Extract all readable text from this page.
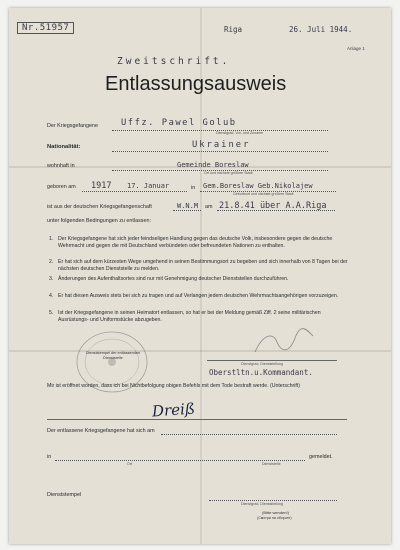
Nr.51957	Riga	26. Juli 1944.
Anlage 1
Zweitschrift.
Entlassungsausweis
Der Kriegsgefangene	Uffz. Pawel Golub
Dienstgrad, Vor- und Zuname
Nationalität:	Ukrainer
wohnhaft in	Gemeinde Boreslaw
Ort und nächste größere Stadt
geboren am 1917 17. Januar	in Gem.Boreslaw Geb.Nikolajew
Geburtsort und nächste größere Stadt
ist aus der deutschen Kriegsgefangenschaft	W.N.M am 21.8.41 über A.A.Riga
unter folgenden Bedingungen zu entlassen:
1. Der Kriegsgefangene hat sich jeder feindseligen Handlung gegen das deutsche Volk, insbesondere gegen die deutsche Wehrmacht und gegen die mit Deutschland verbündeten oder befreundeten Nationen zu enthalten.
2. Er hat sich auf dem kürzesten Wege umgehend in seinen Bestimmungsort zu begeben und sich innerhalb von 8 Tagen bei der nächsten deutschen Dienststelle zu melden.
3. Änderungen des Aufenthaltsortes sind nur mit Genehmigung deutscher Dienststellen durchzuführen.
4. Er hat diesen Ausweis stets bei sich zu tragen und auf Verlangen jedem deutschen Wehrmachtsangehörigen vorzuzeigen.
5. Ist der Kriegsgefangene in seinen Heimatort entlassen, so hat er bei der Meldung gemäß Ziff. 2 seine militärischen Ausrüstungs- und Uniformstücke abzugeben.
Dienststempel der entlassenden Dienststelle
Dienstgrad, Dienststellung
Oberstltn.u.Kommandant.
Mir ist eröffnet worden, dass ich bei Nichtbefolgung obigen Befehls mit dem Tode bestraft werde. (Unterschrift)
Dreiß
Der entlassene Kriegsgefangene hat sich am
in	gemeldet.
Ort	Dienststelle
Dienststempel
Dienstgrad, Dienststellung
(Bitte wenden!)
(Смотри на обороте)
